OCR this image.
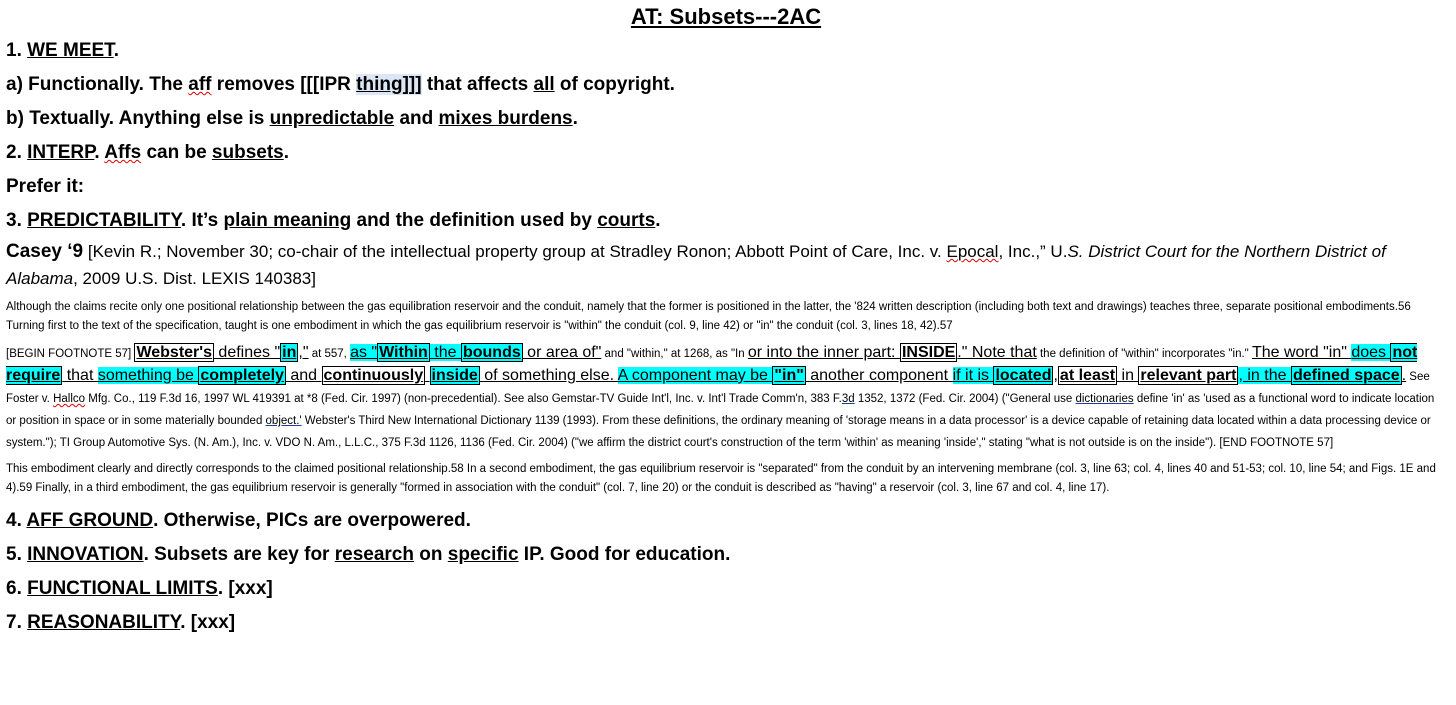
AT: Subsets---2AC

1. WE MEET.

a) Functionally. The aff removes [[[IPR thing]]] that affects all of copyright.

b) Textually. Anything else is unpredictable and mixes burdens.

2. INTERP. Affs can be subsets.

Prefer it:

3. PREDICTABILITY. It’s plain meaning and the definition used by courts.

Casey ‘9 [Kevin R.; November 30; co-chair of the intellectual property group at Stradley Ronon; Abbott Point of Care, Inc. v. Epocal, Inc.,” U.S. District Court for the Northern District of Alabama, 2009 U.S. Dist. LEXIS 140383]

Although the claims recite only one positional relationship between the gas equilibration reservoir and the conduit, namely that the former is positioned in the latter, the '824 written description (including both text and drawings) teaches three, separate positional embodiments.56 Turning first to the text of the specification, taught is one embodiment in which the gas equilibrium reservoir is "within" the conduit (col. 9, line 42) or "in" the conduit (col. 3, lines 18, 42).57

[BEGIN FOOTNOTE 57] Webster's defines " in ," at 557, as " Within the bounds or area of" and "within," at 1268, as "In or into the inner part: INSIDE ." Note that the definition of "within" incorporates "in." The word "in" does not require that something be completely and continuously inside of something else. A component may be "in" another component if it is located , at least in relevant part , in the defined space . See Foster v. Hallco Mfg. Co., 119 F.3d 16, 1997 WL 419391 at *8 (Fed. Cir. 1997) (non-precedential). See also Gemstar-TV Guide Int'l, Inc. v. Int'l Trade Comm'n, 383 F.3d 1352, 1372 (Fed. Cir. 2004) ("General use dictionaries define 'in' as 'used as a functional word to indicate location or position in space or in some materially bounded object.' Webster's Third New International Dictionary 1139 (1993). From these definitions, the ordinary meaning of 'storage means in a data processor' is a device capable of retaining data located within a data processing device or system."); TI Group Automotive Sys. (N. Am.), Inc. v. VDO N. Am., L.L.C., 375 F.3d 1126, 1136 (Fed. Cir. 2004) ("we affirm the district court's construction of the term 'within' as meaning 'inside'," stating "what is not outside is on the inside"). [END FOOTNOTE 57]

This embodiment clearly and directly corresponds to the claimed positional relationship.58 In a second embodiment, the gas equilibrium reservoir is "separated" from the conduit by an intervening membrane (col. 3, line 63; col. 4, lines 40 and 51-53; col. 10, line 54; and Figs. 1E and 4).59 Finally, in a third embodiment, the gas equilibrium reservoir is generally "formed in association with the conduit" (col. 7, line 20) or the conduit is described as "having" a reservoir (col. 3, line 67 and col. 4, line 17).

4. AFF GROUND. Otherwise, PICs are overpowered.

5. INNOVATION. Subsets are key for research on specific IP. Good for education.

6. FUNCTIONAL LIMITS. [xxx]

7. REASONABILITY. [xxx]
